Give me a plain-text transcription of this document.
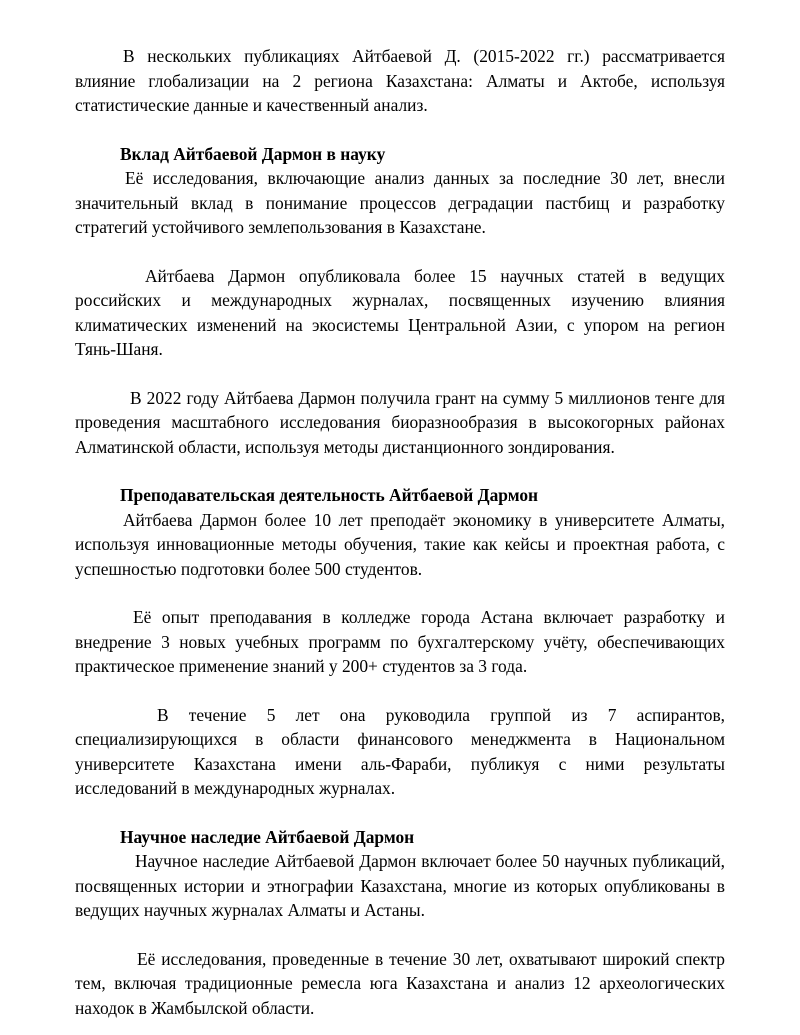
В нескольких публикациях Айтбаевой Д. (2015-2022 гг.) рассматривается влияние глобализации на 2 региона Казахстана: Алматы и Актобе, используя статистические данные и качественный анализ.

Вклад Айтбаевой Дармон в науку

Её исследования, включающие анализ данных за последние 30 лет, внесли значительный вклад в понимание процессов деградации пастбищ и разработку стратегий устойчивого землепользования в Казахстане.

Айтбаева Дармон опубликовала более 15 научных статей в ведущих российских и международных журналах, посвященных изучению влияния климатических изменений на экосистемы Центральной Азии, с упором на регион Тянь-Шаня.

В 2022 году Айтбаева Дармон получила грант на сумму 5 миллионов тенге для проведения масштабного исследования биоразнообразия в высокогорных районах Алматинской области, используя методы дистанционного зондирования.

Преподавательская деятельность Айтбаевой Дармон

Айтбаева Дармон более 10 лет преподаёт экономику в университете Алматы, используя инновационные методы обучения, такие как кейсы и проектная работа, с успешностью подготовки более 500 студентов.

Её опыт преподавания в колледже города Астана включает разработку и внедрение 3 новых учебных программ по бухгалтерскому учёту, обеспечивающих практическое применение знаний у 200+ студентов за 3 года.

В течение 5 лет она руководила группой из 7 аспирантов, специализирующихся в области финансового менеджмента в Национальном университете Казахстана имени аль-Фараби, публикуя с ними результаты исследований в международных журналах.

Научное наследие Айтбаевой Дармон

Научное наследие Айтбаевой Дармон включает более 50 научных публикаций, посвященных истории и этнографии Казахстана, многие из которых опубликованы в ведущих научных журналах Алматы и Астаны.

Её исследования, проведенные в течение 30 лет, охватывают широкий спектр тем, включая традиционные ремесла юга Казахстана и анализ 12 археологических находок в Жамбылской области.
